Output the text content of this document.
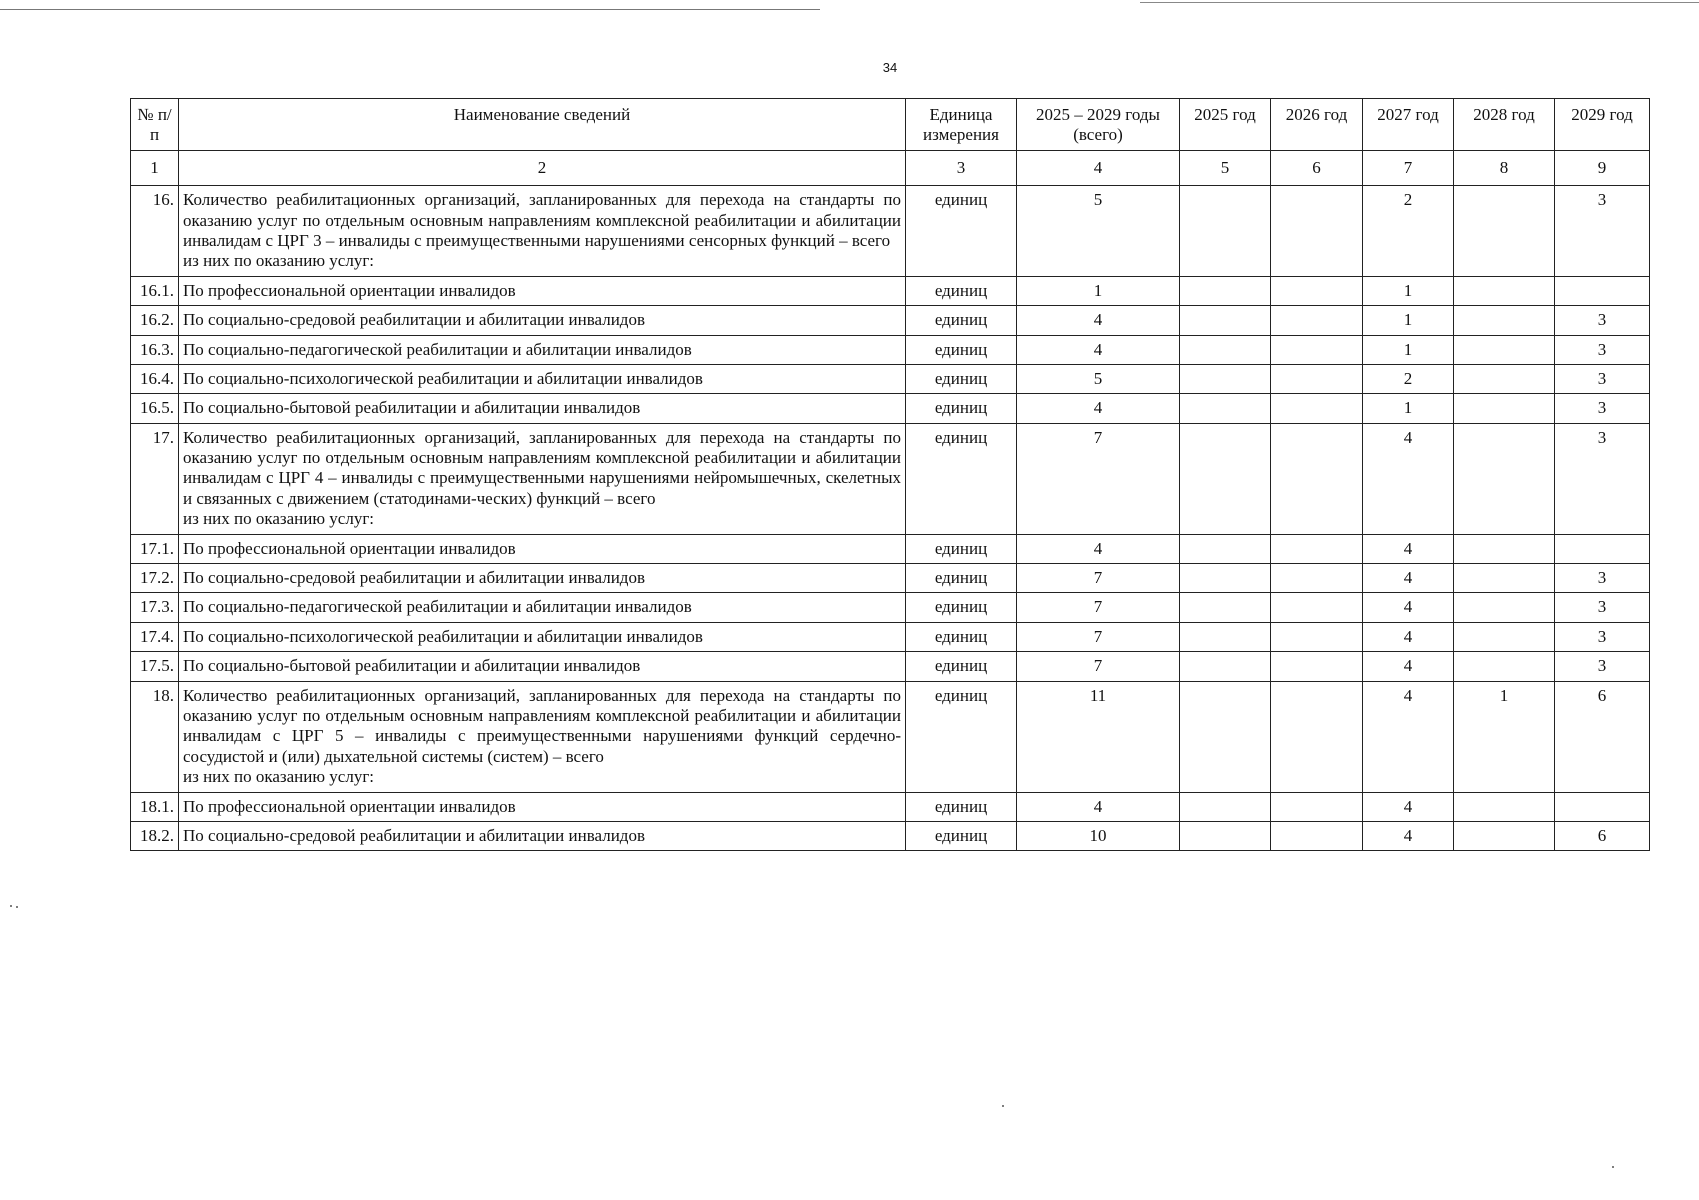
34
№ п/п	Наименование сведений	Единица измерения	2025 – 2029 годы (всего)	2025 год	2026 год	2027 год	2028 год	2029 год
1	2	3	4	5	6	7	8	9
16.	Количество реабилитационных организаций, запланированных для перехода на стандарты по оказанию услуг по отдельным основным направлениям комплексной реабилитации и абилитации инвалидам с ЦРГ 3 – инвалиды с преимущественными нарушениями сенсорных функций – всего
из них по оказанию услуг:	единиц	5			2		3
16.1.	По профессиональной ориентации инвалидов	единиц	1			1		
16.2.	По социально-средовой реабилитации и абилитации инвалидов	единиц	4			1		3
16.3.	По социально-педагогической реабилитации и абилитации инвалидов	единиц	4			1		3
16.4.	По социально-психологической реабилитации и абилитации инвалидов	единиц	5			2		3
16.5.	По социально-бытовой реабилитации и абилитации инвалидов	единиц	4			1		3
17.	Количество реабилитационных организаций, запланированных для перехода на стандарты по оказанию услуг по отдельным основным направлениям комплексной реабилитации и абилитации инвалидам с ЦРГ 4 – инвалиды с преимущественными нарушениями нейромышечных, скелетных и связанных с движением (статодинами-ческих) функций – всего
из них по оказанию услуг:	единиц	7			4		3
17.1.	По профессиональной ориентации инвалидов	единиц	4			4		
17.2.	По социально-средовой реабилитации и абилитации инвалидов	единиц	7			4		3
17.3.	По социально-педагогической реабилитации и абилитации инвалидов	единиц	7			4		3
17.4.	По социально-психологической реабилитации и абилитации инвалидов	единиц	7			4		3
17.5.	По социально-бытовой реабилитации и абилитации инвалидов	единиц	7			4		3
18.	Количество реабилитационных организаций, запланированных для перехода на стандарты по оказанию услуг по отдельным основным направлениям комплексной реабилитации и абилитации инвалидам с ЦРГ 5 – инвалиды с преимущественными нарушениями функций сердечно-сосудистой и (или) дыхательной системы (систем) – всего
из них по оказанию услуг:	единиц	11			4	1	6
18.1.	По профессиональной ориентации инвалидов	единиц	4			4		
18.2.	По социально-средовой реабилитации и абилитации инвалидов	единиц	10			4		6
